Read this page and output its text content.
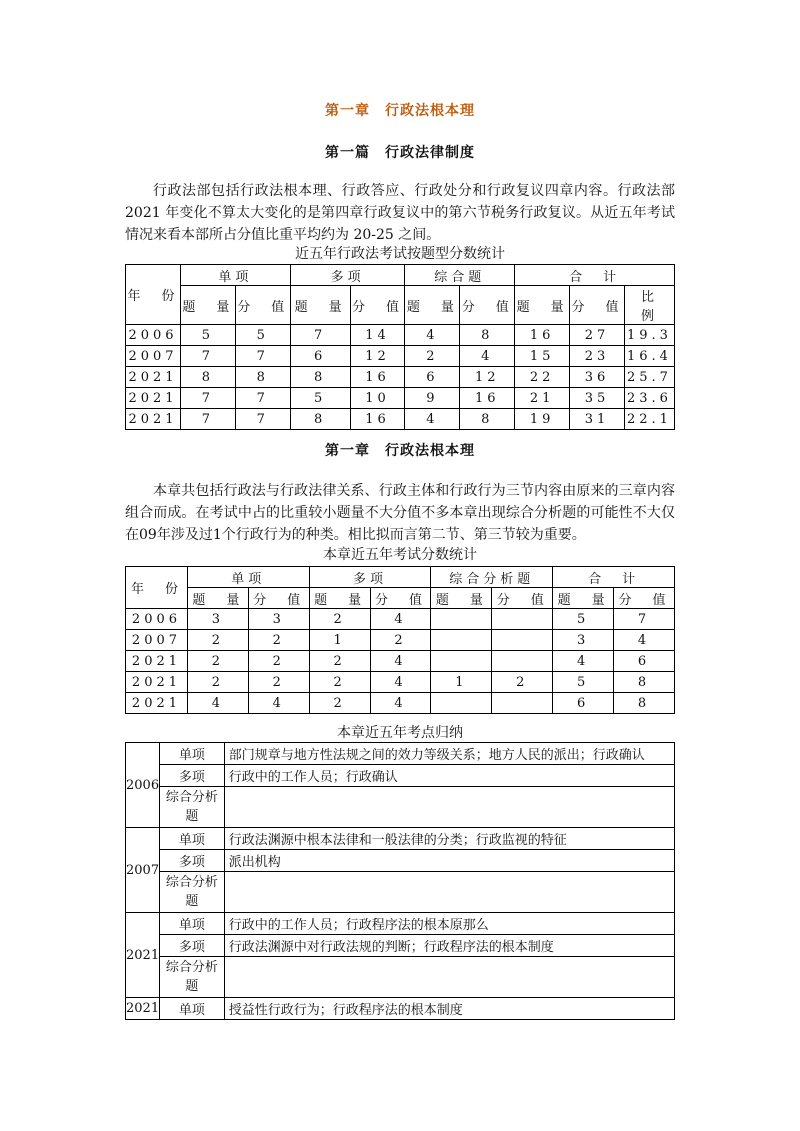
第一章　行政法根本理
第一篇　行政法律制度
行政法部包括行政法根本理、行政答应、行政处分和行政复议四章内容。行政法部 2021 年变化不算太大变化的是第四章行政复议中的第六节税务行政复议。从近五年考试情况来看本部所占分值比重平均约为 20-25 之间。
近五年行政法考试按题型分数统计
年　份	单项		多项		综合题		合　计		
	题　量	分　值	题　量	分　值	题　量	分　值	题　量	分　值	比　例
2006	5	5	7	14	4	8	16	27	19.3
2007	7	7	6	12	2	4	15	23	16.4
2021	8	8	8	16	6	12	22	36	25.7
2021	7	7	5	10	9	16	21	35	23.6
2021	7	7	8	16	4	8	19	31	22.1
第一章　行政法根本理
本章共包括行政法与行政法律关系、行政主体和行政行为三节内容由原来的三章内容组合而成。在考试中占的比重较小题量不大分值不多本章出现综合分析题的可能性不大仅在09年涉及过1个行政行为的种类。相比拟而言第二节、第三节较为重要。
本章近五年考试分数统计
年　份	单项		多项		综合分析题		合　计	
	题　量	分　值	题　量	分　值	题　量	分　值	题　量	分　值
2006	3	3	2	4			5	7
2007	2	2	1	2			3	4
2021	2	2	2	4			4	6
2021	2	2	2	4	1	2	5	8
2021	4	4	2	4			6	8
本章近五年考点归纳
2006	单项	部门规章与地方性法规之间的效力等级关系；地方人民的派出；行政确认
	多项	行政中的工作人员；行政确认
	综合分析题	
2007	单项	行政法渊源中根本法律和一般法律的分类；行政监视的特征
	多项	派出机构
	综合分析题	
2021	单项	行政中的工作人员；行政程序法的根本原那么
	多项	行政法渊源中对行政法规的判断；行政程序法的根本制度
	综合分析题	
2021	单项	授益性行政行为；行政程序法的根本制度
